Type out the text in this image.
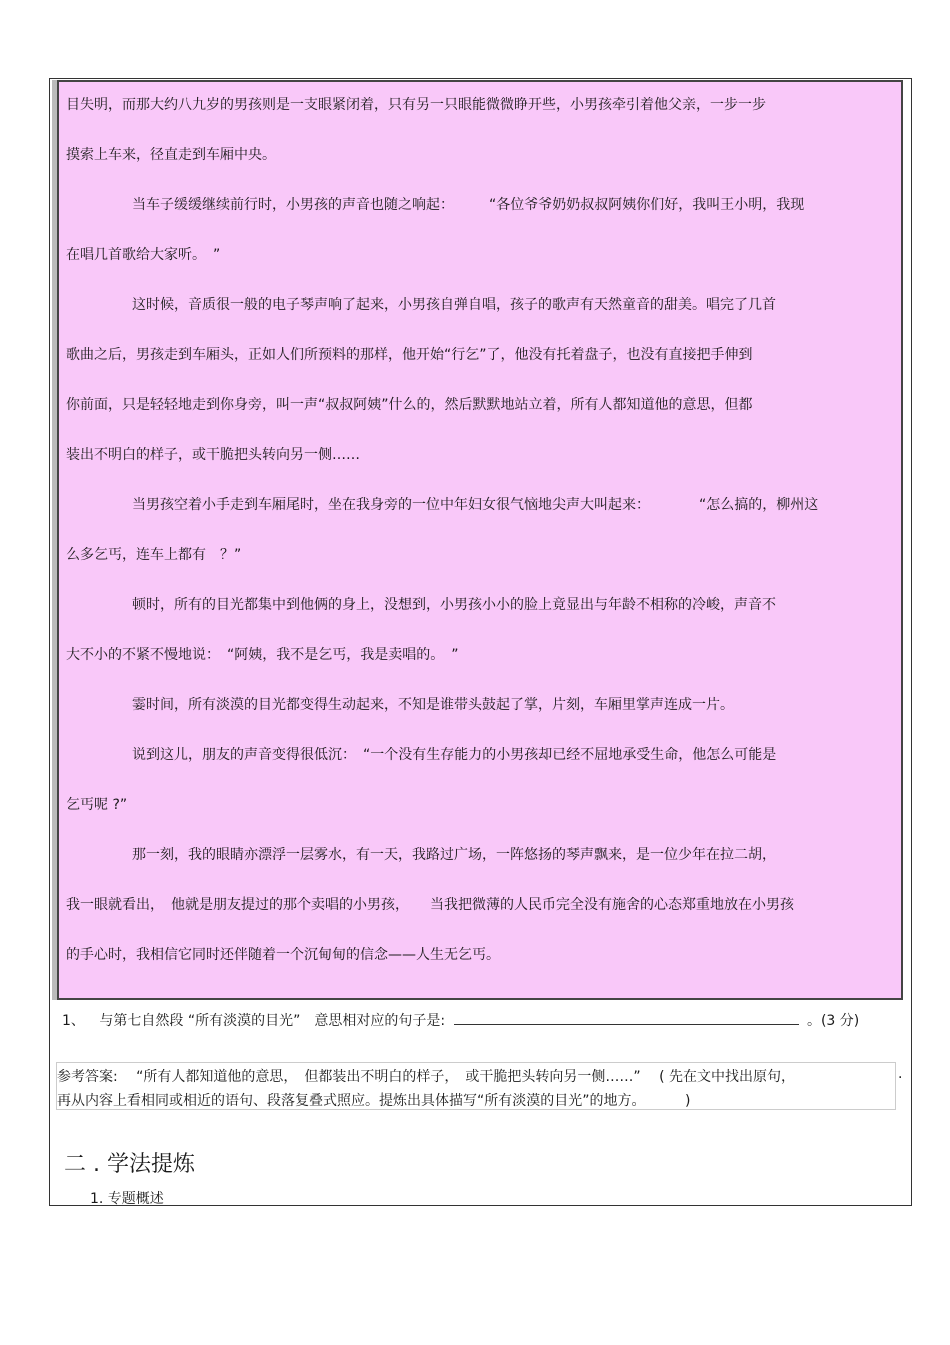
目失明，而那大约八九岁的男孩则是一支眼紧闭着，只有另一只眼能微微睁开些，小男孩牵引着他父亲，一步一步
摸索上车来，径直走到车厢中央。
当车子缓缓继续前行时，小男孩的声音也随之响起：　　　“各位爷爷奶奶叔叔阿姨你们好，我叫王小明，我现
在唱几首歌给大家听。　”
这时候，音质很一般的电子琴声响了起来，小男孩自弹自唱，孩子的歌声有天然童音的甜美。唱完了几首
歌曲之后，男孩走到车厢头，正如人们所预料的那样，他开始“行乞”了，他没有托着盘子，也没有直接把手伸到
你前面，只是轻轻地走到你身旁，叫一声“叔叔阿姨”什么的，然后默默地站立着，所有人都知道他的意思，但都
装出不明白的样子，或干脆把头转向另一侧……
当男孩空着小手走到车厢尾时，坐在我身旁的一位中年妇女很气恼地尖声大叫起来：　　　　“怎么搞的，柳州这
么多乞丐，连车上都有　？”
顿时，所有的目光都集中到他俩的身上，没想到，小男孩小小的脸上竟显出与年龄不相称的冷峻，声音不
大不小的不紧不慢地说：　“阿姨，我不是乞丐，我是卖唱的。　”
霎时间，所有淡漠的目光都变得生动起来，不知是谁带头鼓起了掌，片刻，车厢里掌声连成一片。
说到这儿，朋友的声音变得很低沉：　“一个没有生存能力的小男孩却已经不屈地承受生命，他怎么可能是
乞丐呢 ?”
那一刻，我的眼睛亦漂浮一层雾水，有一天，我路过广场，一阵悠扬的琴声飘来，是一位少年在拉二胡，
我一眼就看出，　他就是朋友提过的那个卖唱的小男孩，　　当我把微薄的人民币完全没有施舍的心态郑重地放在小男孩
的手心时，我相信它同时还伴随着一个沉甸甸的信念——人生无乞丐。
1、 与第七自然段 “所有淡漠的目光”　意思相对应的句子是:	。(3 分)
参考答案:　 “所有人都知道他的意思，　但都装出不明白的样子，　或干脆把头转向另一侧……”　 ( 先在文中找出原句，	.
再从内容上看相同或相近的语句、段落复叠式照应。提炼出具体描写“所有淡漠的目光”的地方。　　　 )
二 . 学法提炼
1. 专题概述
